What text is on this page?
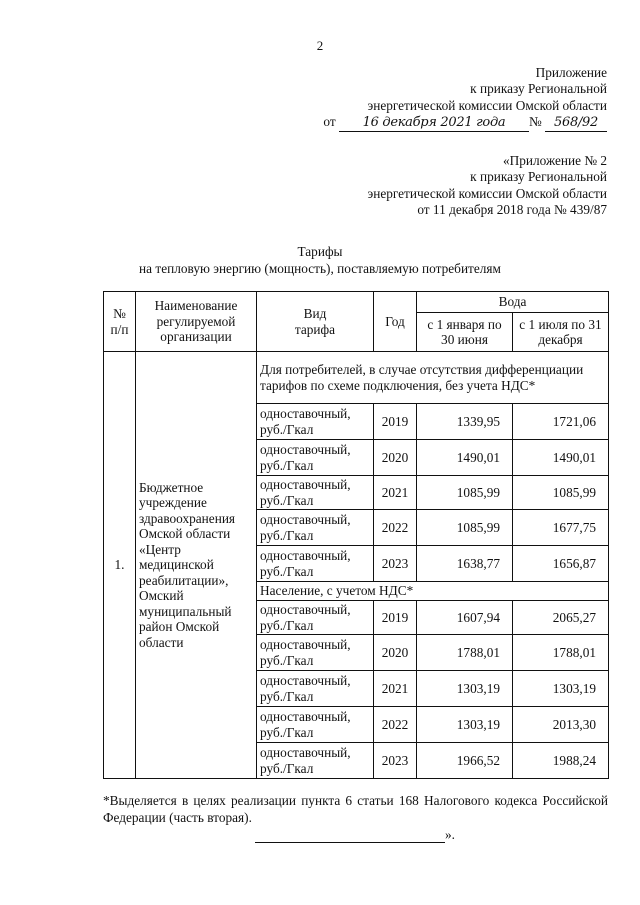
2
Приложение
к приказу Региональной
энергетической комиссии Омской области
от 16 декабря 2021 года № 568/92
«Приложение № 2
к приказу Региональной
энергетической комиссии Омской области
от 11 декабря 2018 года № 439/87
Тарифы
на тепловую энергию (мощность), поставляемую потребителям
№ п/п	Наименование регулируемой организации	Вид тарифа	Год	Вода	
				с 1 января по 30 июня	с 1 июля по 31 декабря
1.	Бюджетное учреждение здравоохранения Омской области «Центр медицинской реабилитации», Омский муниципальный район Омской области	Для потребителей, в случае отсутствия дифференциации тарифов по схеме подключения, без учета НДС*			
		одноставочный, руб./Гкал	2019	1339,95	1721,06
		одноставочный, руб./Гкал	2020	1490,01	1490,01
		одноставочный, руб./Гкал	2021	1085,99	1085,99
		одноставочный, руб./Гкал	2022	1085,99	1677,75
		одноставочный, руб./Гкал	2023	1638,77	1656,87
		Население, с учетом НДС*			
		одноставочный, руб./Гкал	2019	1607,94	2065,27
		одноставочный, руб./Гкал	2020	1788,01	1788,01
		одноставочный, руб./Гкал	2021	1303,19	1303,19
		одноставочный, руб./Гкал	2022	1303,19	2013,30
		одноставочный, руб./Гкал	2023	1966,52	1988,24
*Выделяется в целях реализации пункта 6 статьи 168 Налогового кодекса Российской Федерации (часть вторая).
».
